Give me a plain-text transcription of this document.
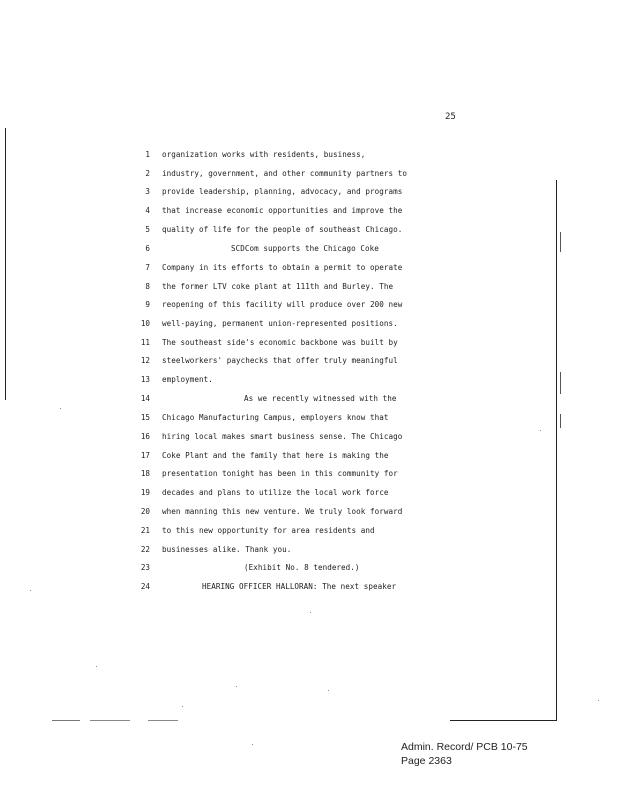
25
1 organization works with residents, business,
2 industry, government, and other community partners to
3 provide leadership, planning, advocacy, and programs
4 that increase economic opportunities and improve the
5 quality of life for the people of southeast Chicago.
6	SCDCom supports the Chicago Coke
7 Company in its efforts to obtain a permit to operate
8 the former LTV coke plant at 111th and Burley. The
9 reopening of this facility will produce over 200 new
10 well-paying, permanent union-represented positions.
11 The southeast side's economic backbone was built by
12 steelworkers' paychecks that offer truly meaningful
13 employment.
14	As we recently witnessed with the
15 Chicago Manufacturing Campus, employers know that
16 hiring local makes smart business sense. The Chicago
17 Coke Plant and the family that here is making the
18 presentation tonight has been in this community for
19 decades and plans to utilize the local work force
20 when manning this new venture. We truly look forward
21 to this new opportunity for area residents and
22 businesses alike. Thank you.
23	(Exhibit No. 8 tendered.)
24	HEARING OFFICER HALLORAN: The next speaker
Admin. Record/ PCB 10-75
Page 2363
